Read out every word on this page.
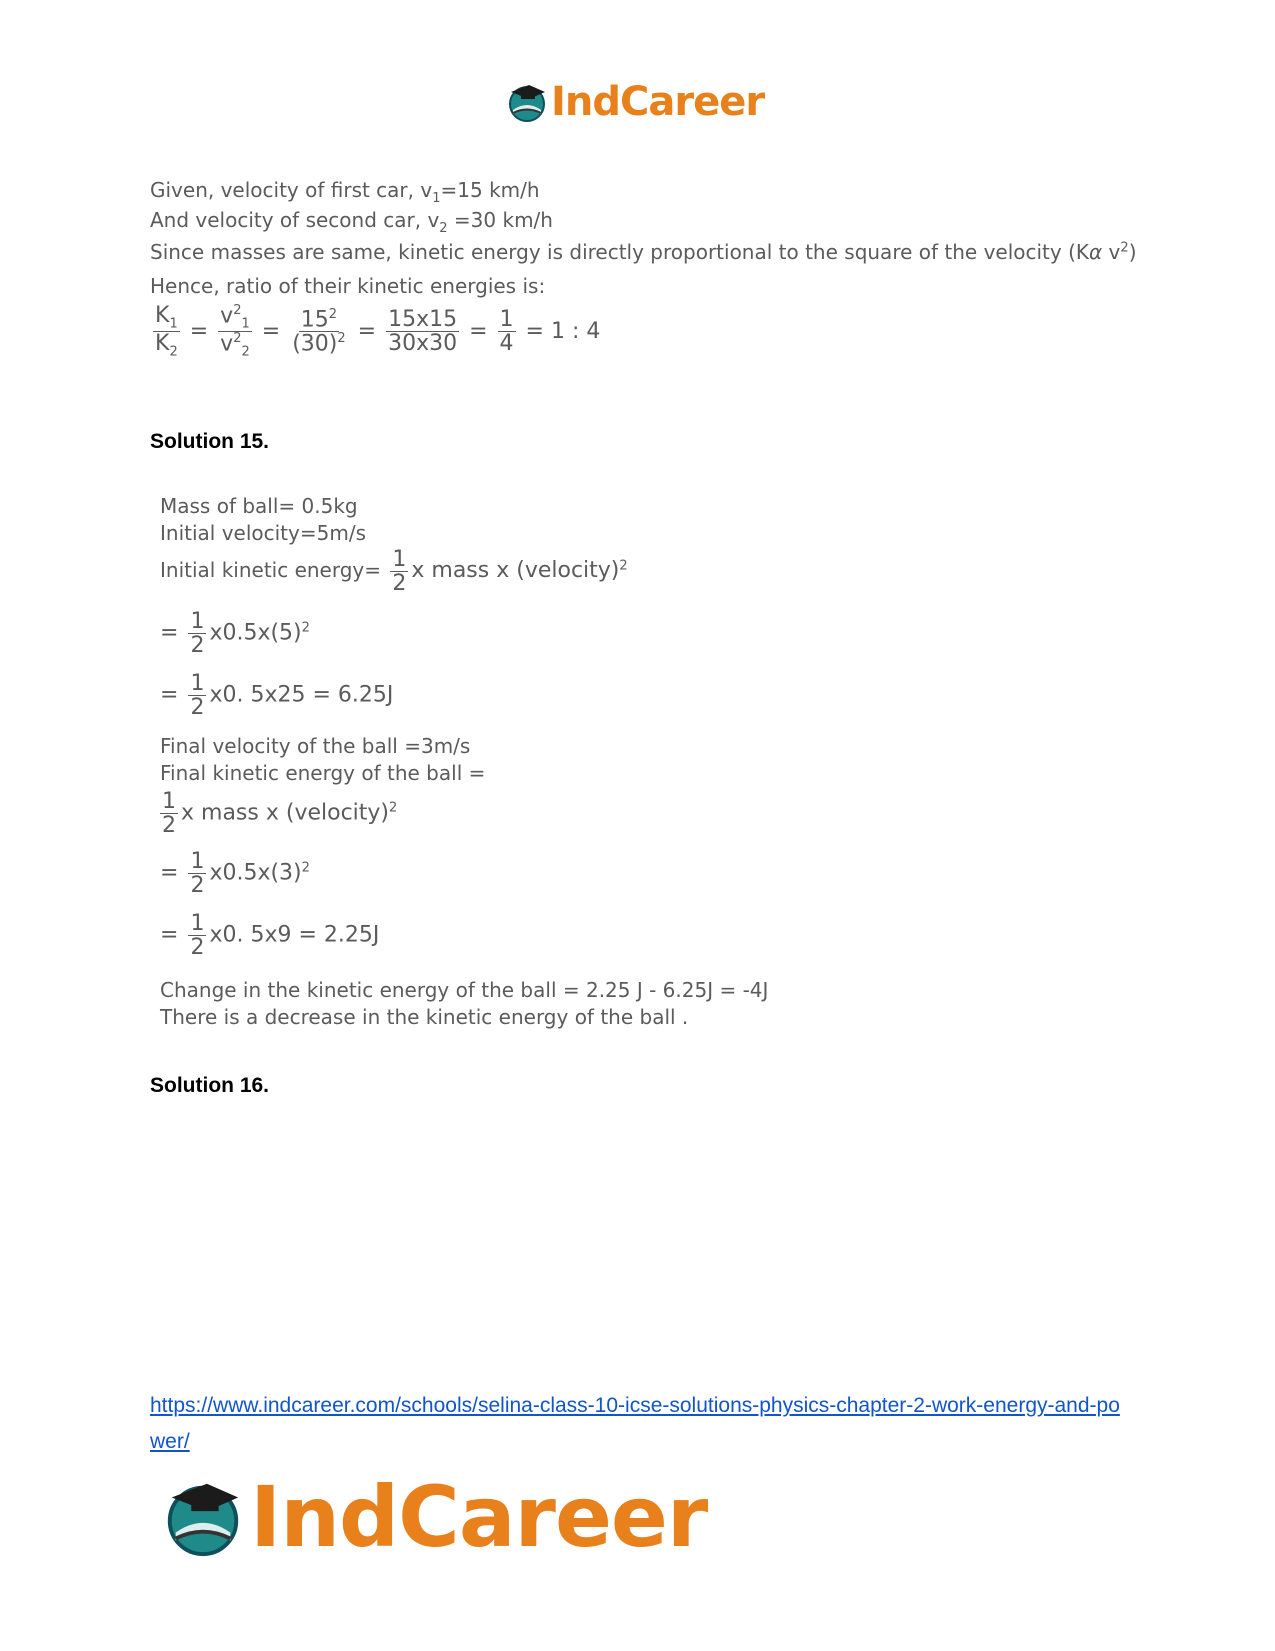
IndCareer
Given, velocity of first car, $v_1=15$ km/h
And velocity of second car, $v_2 =30$ km/h
Since masses are same, kinetic energy is directly proportional to the square of the velocity (Kα $v^2$)
Hence, ratio of their kinetic energies is:
$\frac{K_1}{K_2} = \frac{v^2_1}{v^2_2} = \frac{15^2}{(30)^2} = \frac{15x15}{30x30} = \frac{1}{4} = 1$ : 4
Solution 15.
Mass of ball= 0.5kg
Initial velocity=5m/s
Initial kinetic energy= $\frac{1}{2}$ x mass x (velocity)$^2$
= $\frac{1}{2} x0.5x(5)^2$
= $\frac{1}{2} x0$. 5x25 = 6.25J
Final velocity of the ball =3m/s
Final kinetic energy of the ball =
$\frac{1}{2}$ x mass x (velocity)$^2$
= $\frac{1}{2} x0.5x(3)^2$
= $\frac{1}{2} x0$. 5x9 = 2.25J
Change in the kinetic energy of the ball = 2.25 J - 6.25J = -4J
There is a decrease in the kinetic energy of the ball .
Solution 16.
https://www.indcareer.com/schools/selina-class-10-icse-solutions-physics-chapter-2-work-energy-and-power/
IndCareer
